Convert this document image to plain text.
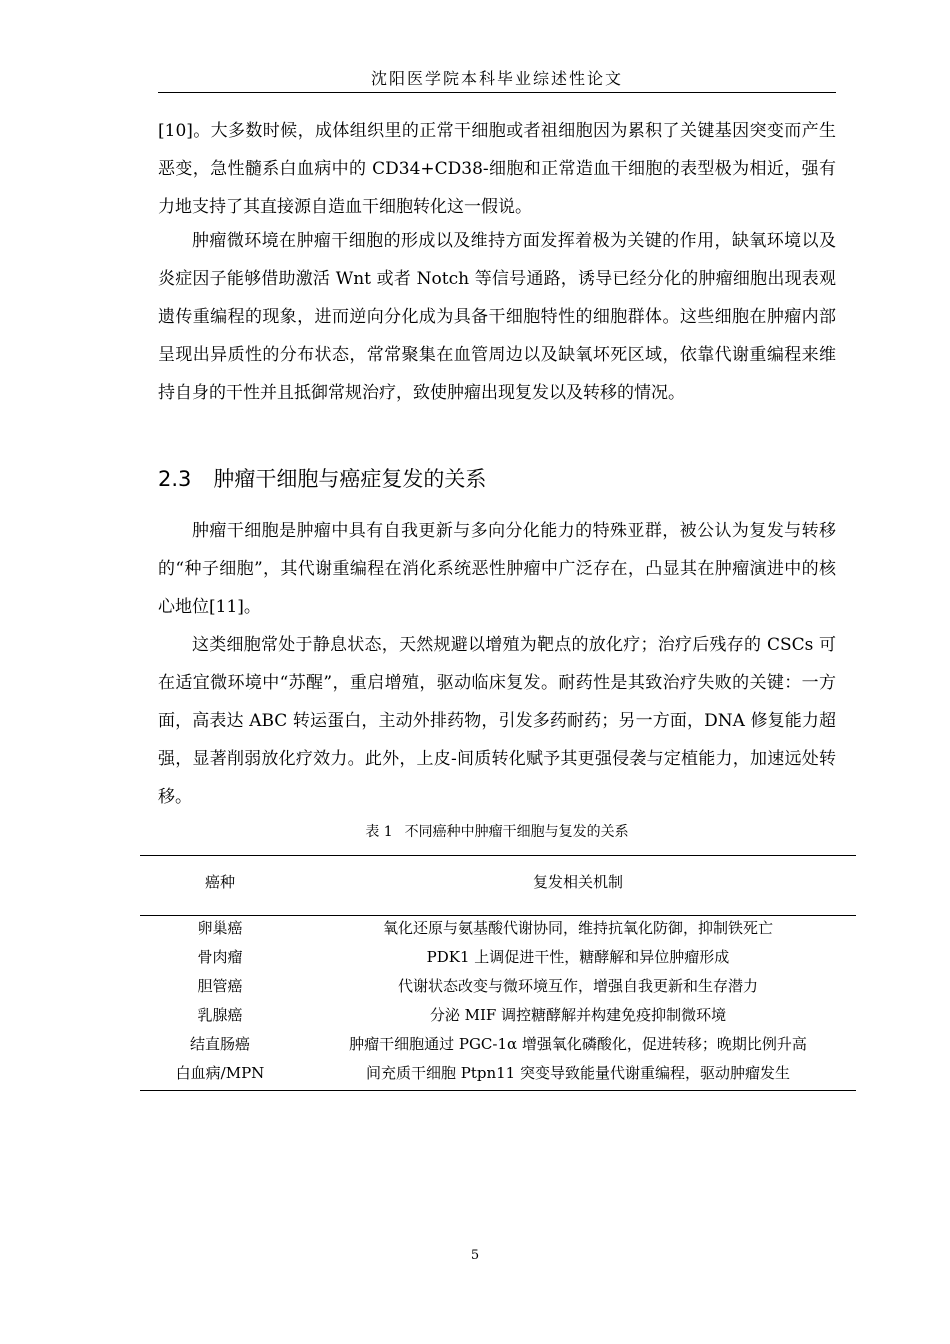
沈阳医学院本科毕业综述性论文

[10]。大多数时候，成体组织里的正常干细胞或者祖细胞因为累积了关键基因突变而产生恶变，急性髓系白血病中的 CD34+CD38-细胞和正常造血干细胞的表型极为相近，强有力地支持了其直接源自造血干细胞转化这一假说。

肿瘤微环境在肿瘤干细胞的形成以及维持方面发挥着极为关键的作用，缺氧环境以及炎症因子能够借助激活 Wnt 或者 Notch 等信号通路，诱导已经分化的肿瘤细胞出现表观遗传重编程的现象，进而逆向分化成为具备干细胞特性的细胞群体。这些细胞在肿瘤内部呈现出异质性的分布状态，常常聚集在血管周边以及缺氧坏死区域，依靠代谢重编程来维持自身的干性并且抵御常规治疗，致使肿瘤出现复发以及转移的情况。

2.3 肿瘤干细胞与癌症复发的关系

肿瘤干细胞是肿瘤中具有自我更新与多向分化能力的特殊亚群，被公认为复发与转移的“种子细胞”，其代谢重编程在消化系统恶性肿瘤中广泛存在，凸显其在肿瘤演进中的核心地位[11]。

这类细胞常处于静息状态，天然规避以增殖为靶点的放化疗；治疗后残存的 CSCs 可在适宜微环境中“苏醒”，重启增殖，驱动临床复发。耐药性是其致治疗失败的关键：一方面，高表达 ABC 转运蛋白，主动外排药物，引发多药耐药；另一方面，DNA 修复能力超强，显著削弱放化疗效力。此外，上皮-间质转化赋予其更强侵袭与定植能力，加速远处转移。

表 1 不同癌种中肿瘤干细胞与复发的关系
癌种	复发相关机制
卵巢癌	氧化还原与氨基酸代谢协同，维持抗氧化防御，抑制铁死亡
骨肉瘤	PDK1 上调促进干性，糖酵解和异位肿瘤形成
胆管癌	代谢状态改变与微环境互作，增强自我更新和生存潜力
乳腺癌	分泌 MIF 调控糖酵解并构建免疫抑制微环境
结直肠癌	肿瘤干细胞通过 PGC-1α 增强氧化磷酸化，促进转移；晚期比例升高
白血病/MPN	间充质干细胞 Ptpn11 突变导致能量代谢重编程，驱动肿瘤发生
5
